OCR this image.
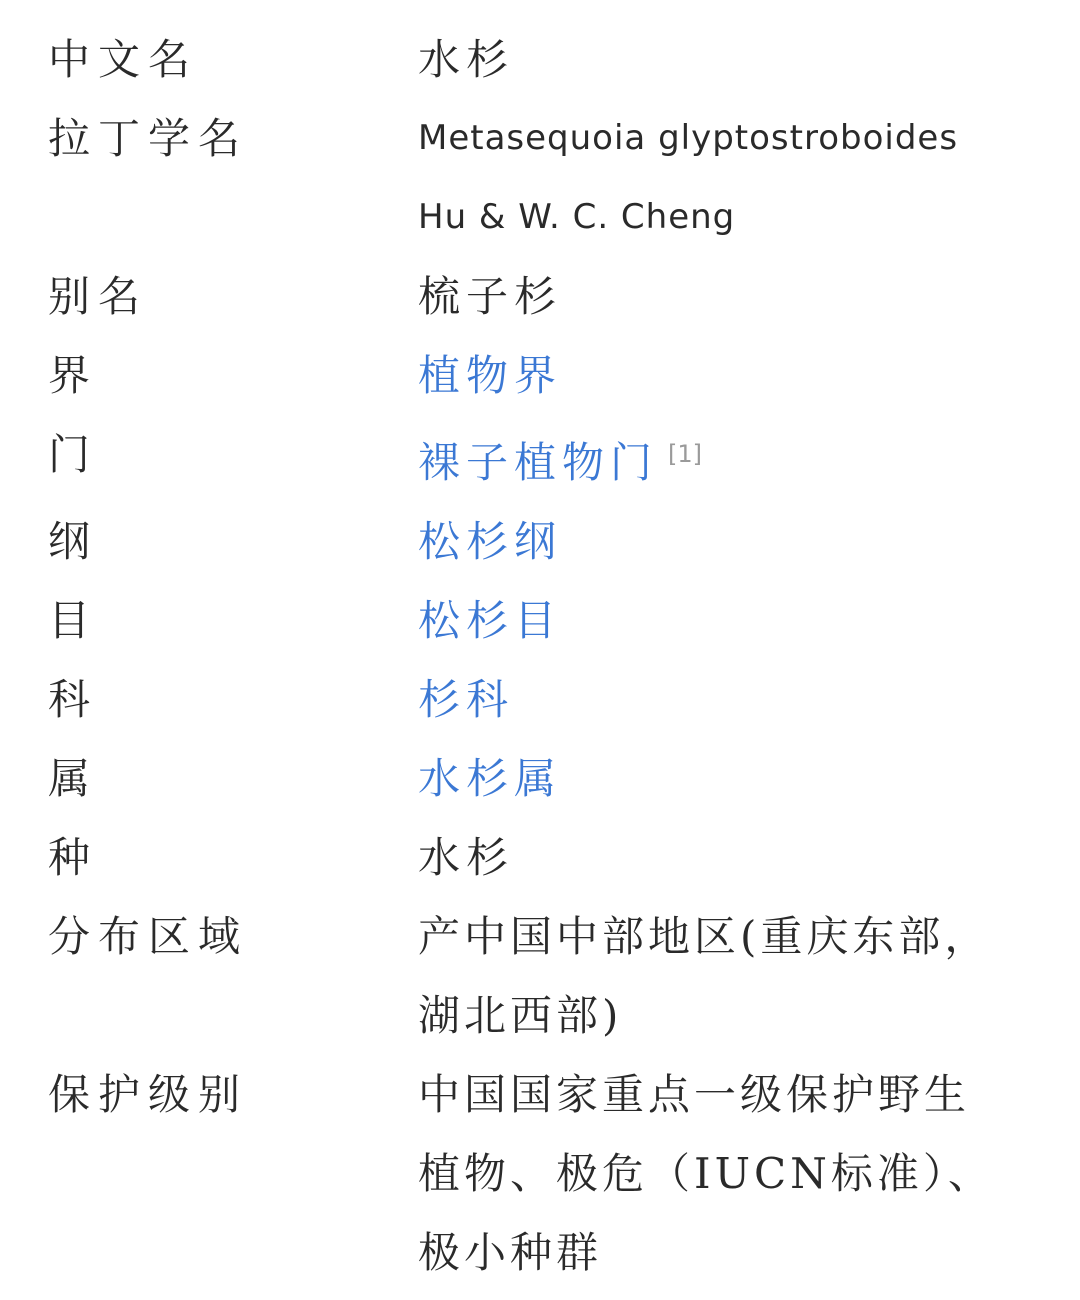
中文名	水杉
拉丁学名	Metasequoia glyptostroboides Hu & W. C. Cheng
别名	梳子杉
界	植物界
门	裸子植物门 [1]
纲	松杉纲
目	松杉目
科	杉科
属	水杉属
种	水杉
分布区域	产中国中部地区(重庆东部，湖北西部)
保护级别	中国国家重点一级保护野生植物、极危（IUCN标准）、极小种群
